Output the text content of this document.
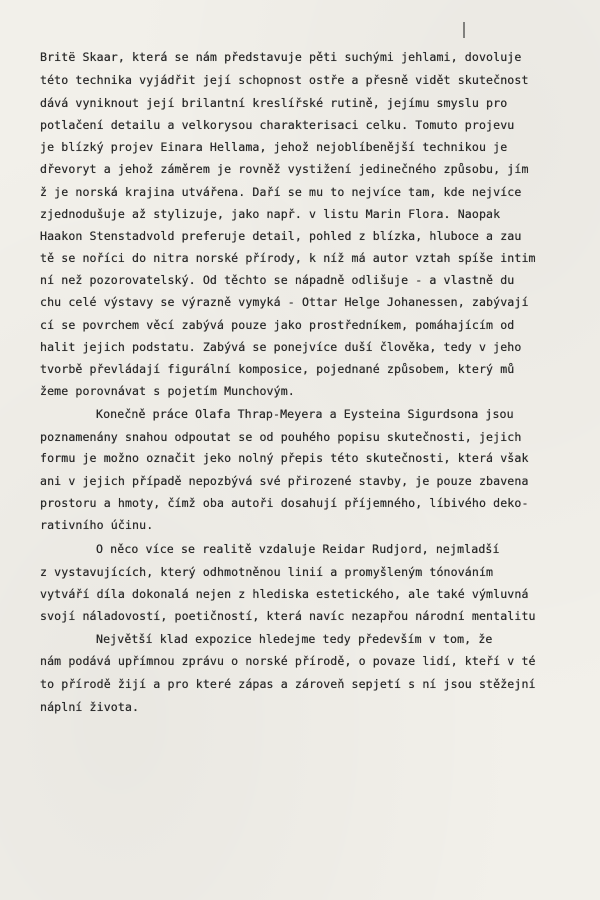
Britë Skaar, která se nám představuje pěti suchými jehlami, dovoluje
této technika vyjádřit její schopnost ostře a přesně vidět skutečnost
dává vyniknout její brilantní kreslířské rutině, jejímu smyslu pro
potlačení detailu a velkorysou charakterisaci celku. Tomuto projevu
je blízký projev Einara Hellama, jehož nejoblíbenější technikou je
dřevoryt a jehož záměrem je rovněž vystižení jedinečného způsobu, jím
ž je norská krajina utvářena. Daří se mu to nejvíce tam, kde nejvíce
zjednodušuje až stylizuje, jako např. v listu Marin Flora. Naopak
Haakon Stenstadvold preferuje detail, pohled z blízka, hluboce a zau
tě se noříci do nitra norské přírody, k níž má autor vztah spíše intim
ní než pozorovatelský. Od těchto se nápadně odlišuje - a vlastně du
chu celé výstavy se výrazně vymyká - Ottar Helge Johanessen, zabývají
cí se povrchem věcí zabývá pouze jako prostředníkem, pomáhajícím od
halit jejich podstatu. Zabývá se ponejvíce duší člověka, tedy v jeho
tvorbě převládají figurální komposice, pojednané způsobem, který mů
žeme porovnávat s pojetím Munchovým.
Konečně práce Olafa Thrap-Meyera a Eysteina Sigurdsona jsou
poznamenány snahou odpoutat se od pouhého popisu skutečnosti, jejich
formu je možno označit jeko nolný přepis této skutečnosti, která však
ani v jejich případě nepozbývá své přirozené stavby, je pouze zbavena
prostoru a hmoty, čímž oba autoři dosahují příjemného, líbivého deko-
rativního účinu.
O něco více se realitě vzdaluje Reidar Rudjord, nejmladší
z vystavujících, který odhmotněnou linií a promyšleným tónováním
vytváří díla dokonalá nejen z hlediska estetického, ale také výmluvná
svojí náladovostí, poetičností, která navíc nezapřou národní mentalitu
Největší klad expozice hledejme tedy především v tom, že
nám podává upřímnou zprávu o norské přírodě, o povaze lidí, kteří v té
to přírodě žijí a pro které zápas a zároveň sepjetí s ní jsou stěžejní
náplní života.
